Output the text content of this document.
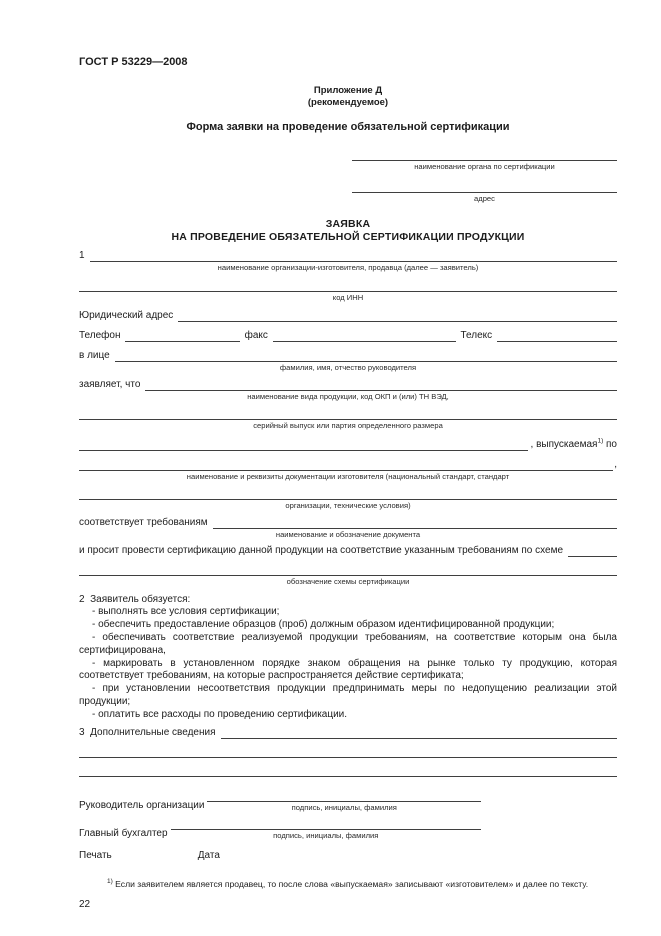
ГОСТ Р 53229—2008
Приложение Д
(рекомендуемое)
Форма заявки на проведение обязательной сертификации
наименование органа по сертификации
адрес
ЗАЯВКА
НА ПРОВЕДЕНИЕ ОБЯЗАТЕЛЬНОЙ СЕРТИФИКАЦИИ ПРОДУКЦИИ
1
наименование организации-изготовителя, продавца (далее — заявитель)
код ИНН
Юридический адрес
Телефон	факс	Телекс
в лице
фамилия, имя, отчество руководителя
заявляет, что
наименование вида продукции, код ОКП и (или) ТН ВЭД,
серийный выпуск или партия определенного размера
, выпускаемая$^{1)}$ по
,
наименование и реквизиты документации изготовителя (национальный стандарт, стандарт
организации, технические условия)
соответствует требованиям
наименование и обозначение документа
и просит провести сертификацию данной продукции на соответствие указанным требованиям по схеме
обозначение схемы сертификации
2  Заявитель обязуется:
- выполнять все условия сертификации;
- обеспечить предоставление образцов (проб) должным образом идентифицированной продукции;
- обеспечивать соответствие реализуемой продукции требованиям, на соответствие которым она была сертифицирована,
- маркировать в установленном порядке знаком обращения на рынке только ту продукцию, которая соответствует требованиям, на которые распространяется действие сертификата;
- при установлении несоответствия продукции предпринимать меры по недопущению реализации этой продукции;
- оплатить все расходы по проведению сертификации.
3  Дополнительные сведения
Руководитель организации	подпись, инициалы, фамилия
Главный бухгалтер	подпись, инициалы, фамилия
Печать	Дата
$^{1)}$ Если заявителем является продавец, то после слова «выпускаемая» записывают «изготовителем» и далее по тексту.
22
